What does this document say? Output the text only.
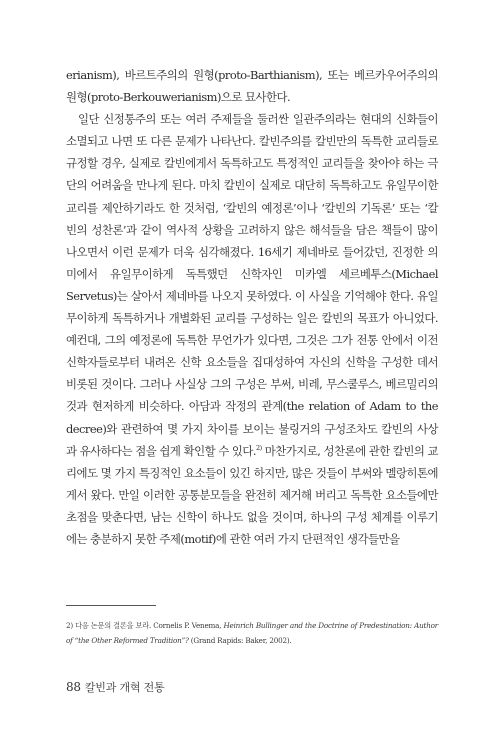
erianism), 바르트주의의 원형(proto-Barthianism), 또는 베르카우어주의의 원형(proto-Berkouwerianism)으로 묘사한다.

일단 신정통주의 또는 여러 주제들을 둘러싼 일관주의라는 현대의 신화들이 소멸되고 나면 또 다른 문제가 나타난다. 칼빈주의를 칼빈만의 독특한 교리들로 규정할 경우, 실제로 칼빈에게서 독특하고도 특정적인 교리들을 찾아야 하는 극단의 어려움을 만나게 된다. 마치 칼빈이 실제로 대단히 독특하고도 유일무이한 교리를 제안하기라도 한 것처럼, ‘칼빈의 예정론’이나 ‘칼빈의 기독론’ 또는 ‘칼빈의 성찬론’과 같이 역사적 상황을 고려하지 않은 해석들을 담은 책들이 많이 나오면서 이런 문제가 더욱 심각해졌다. 16세기 제네바로 들어갔던, 진정한 의미에서 유일무이하게 독특했던 신학자인 미카엘 세르베투스(Michael Servetus)는 살아서 제네바를 나오지 못하였다. 이 사실을 기억해야 한다. 유일무이하게 독특하거나 개별화된 교리를 구성하는 일은 칼빈의 목표가 아니었다. 예컨대, 그의 예정론에 독특한 무언가가 있다면, 그것은 그가 전통 안에서 이전 신학자들로부터 내려온 신학 요소들을 집대성하여 자신의 신학을 구성한 데서 비롯된 것이다. 그러나 사실상 그의 구성은 부써, 비레, 무스쿨루스, 베르밀리의 것과 현저하게 비슷하다. 아담과 작정의 관계(the relation of Adam to the decree)와 관련하여 몇 가지 차이를 보이는 불링거의 구성조차도 칼빈의 사상과 유사하다는 점을 쉽게 확인할 수 있다.$^{2)}$ 마찬가지로, 성찬론에 관한 칼빈의 교리에도 몇 가지 특징적인 요소들이 있긴 하지만, 많은 것들이 부써와 멜랑히톤에게서 왔다. 만일 이러한 공통분모들을 완전히 제거해 버리고 독특한 요소들에만 초점을 맞춘다면, 남는 신학이 하나도 없을 것이며, 하나의 구성 체계를 이루기에는 충분하지 못한 주제(motif)에 관한 여러 가지 단편적인 생각들만을

2) 다음 논문의 결론을 보라. Cornelis P. Venema, Heinrich Bullinger and the Doctrine of Predestination: Author of “the Other Reformed Tradition”? (Grand Rapids: Baker, 2002).
88 칼빈과 개혁 전통
